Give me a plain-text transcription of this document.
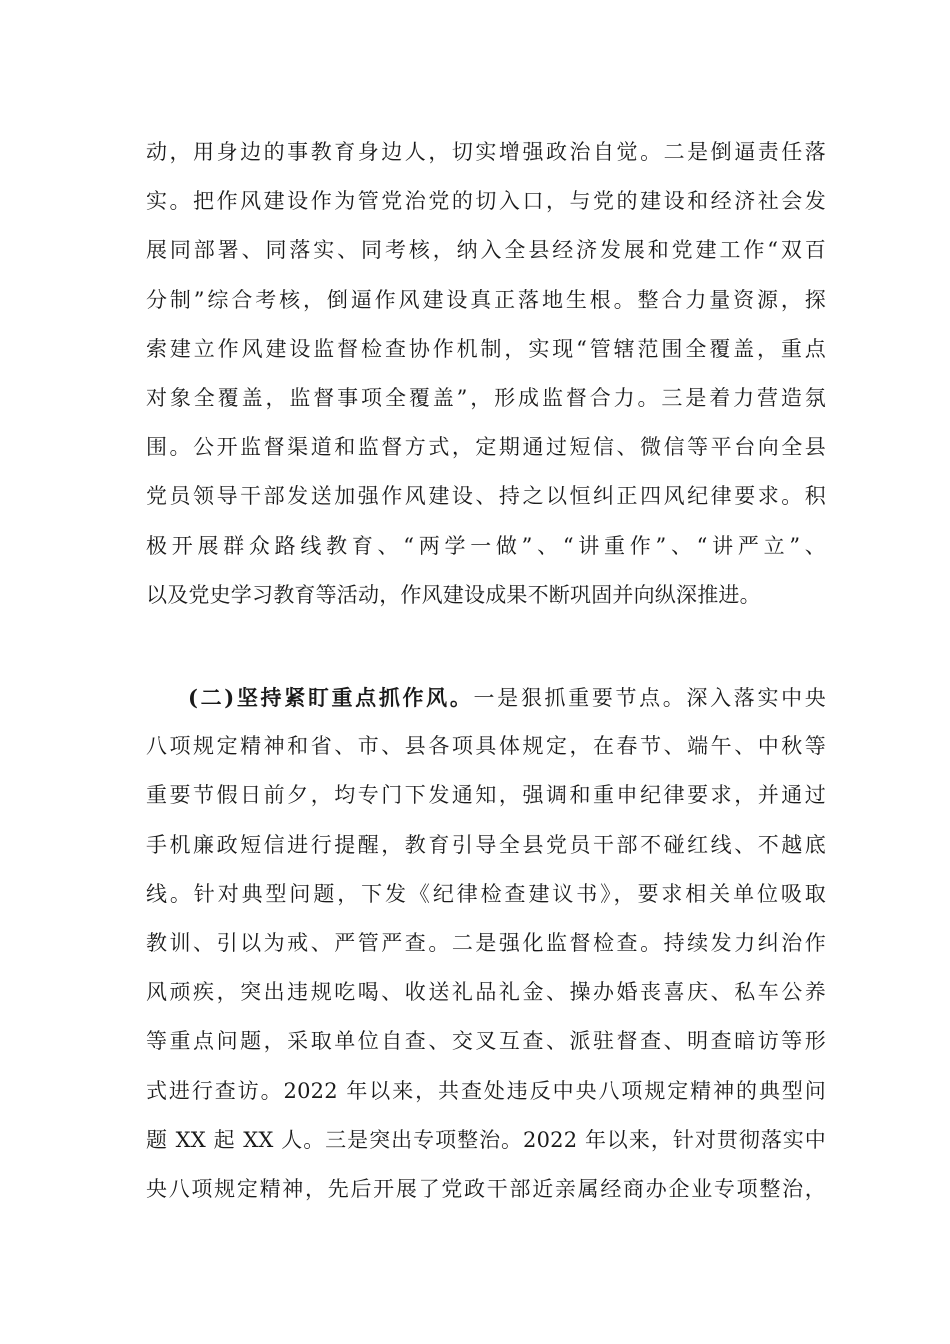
动，用身边的事教育身边人，切实增强政治自觉。二是倒逼责任落
实。把作风建设作为管党治党的切入口，与党的建设和经济社会发
展同部署、同落实、同考核，纳入全县经济发展和党建工作“双百
分制”综合考核，倒逼作风建设真正落地生根。整合力量资源，探
索建立作风建设监督检查协作机制，实现“管辖范围全覆盖，重点
对象全覆盖，监督事项全覆盖”，形成监督合力。三是着力营造氛
围。公开监督渠道和监督方式，定期通过短信、微信等平台向全县
党员领导干部发送加强作风建设、持之以恒纠正四风纪律要求。积
极开展群众路线教育、“两学一做”、“讲重作”、“讲严立”、
以及党史学习教育等活动，作风建设成果不断巩固并向纵深推进。
(二)坚持紧盯重点抓作风。一是狠抓重要节点。深入落实中央
八项规定精神和省、市、县各项具体规定，在春节、端午、中秋等
重要节假日前夕，均专门下发通知，强调和重申纪律要求，并通过
手机廉政短信进行提醒，教育引导全县党员干部不碰红线、不越底
线。针对典型问题，下发《纪律检查建议书》，要求相关单位吸取
教训、引以为戒、严管严查。二是强化监督检查。持续发力纠治作
风顽疾，突出违规吃喝、收送礼品礼金、操办婚丧喜庆、私车公养
等重点问题，采取单位自查、交叉互查、派驻督查、明查暗访等形
式进行查访。2022 年以来，共查处违反中央八项规定精神的典型问
题 XX 起 XX 人。三是突出专项整治。2022 年以来，针对贯彻落实中
央八项规定精神，先后开展了党政干部近亲属经商办企业专项整治，
